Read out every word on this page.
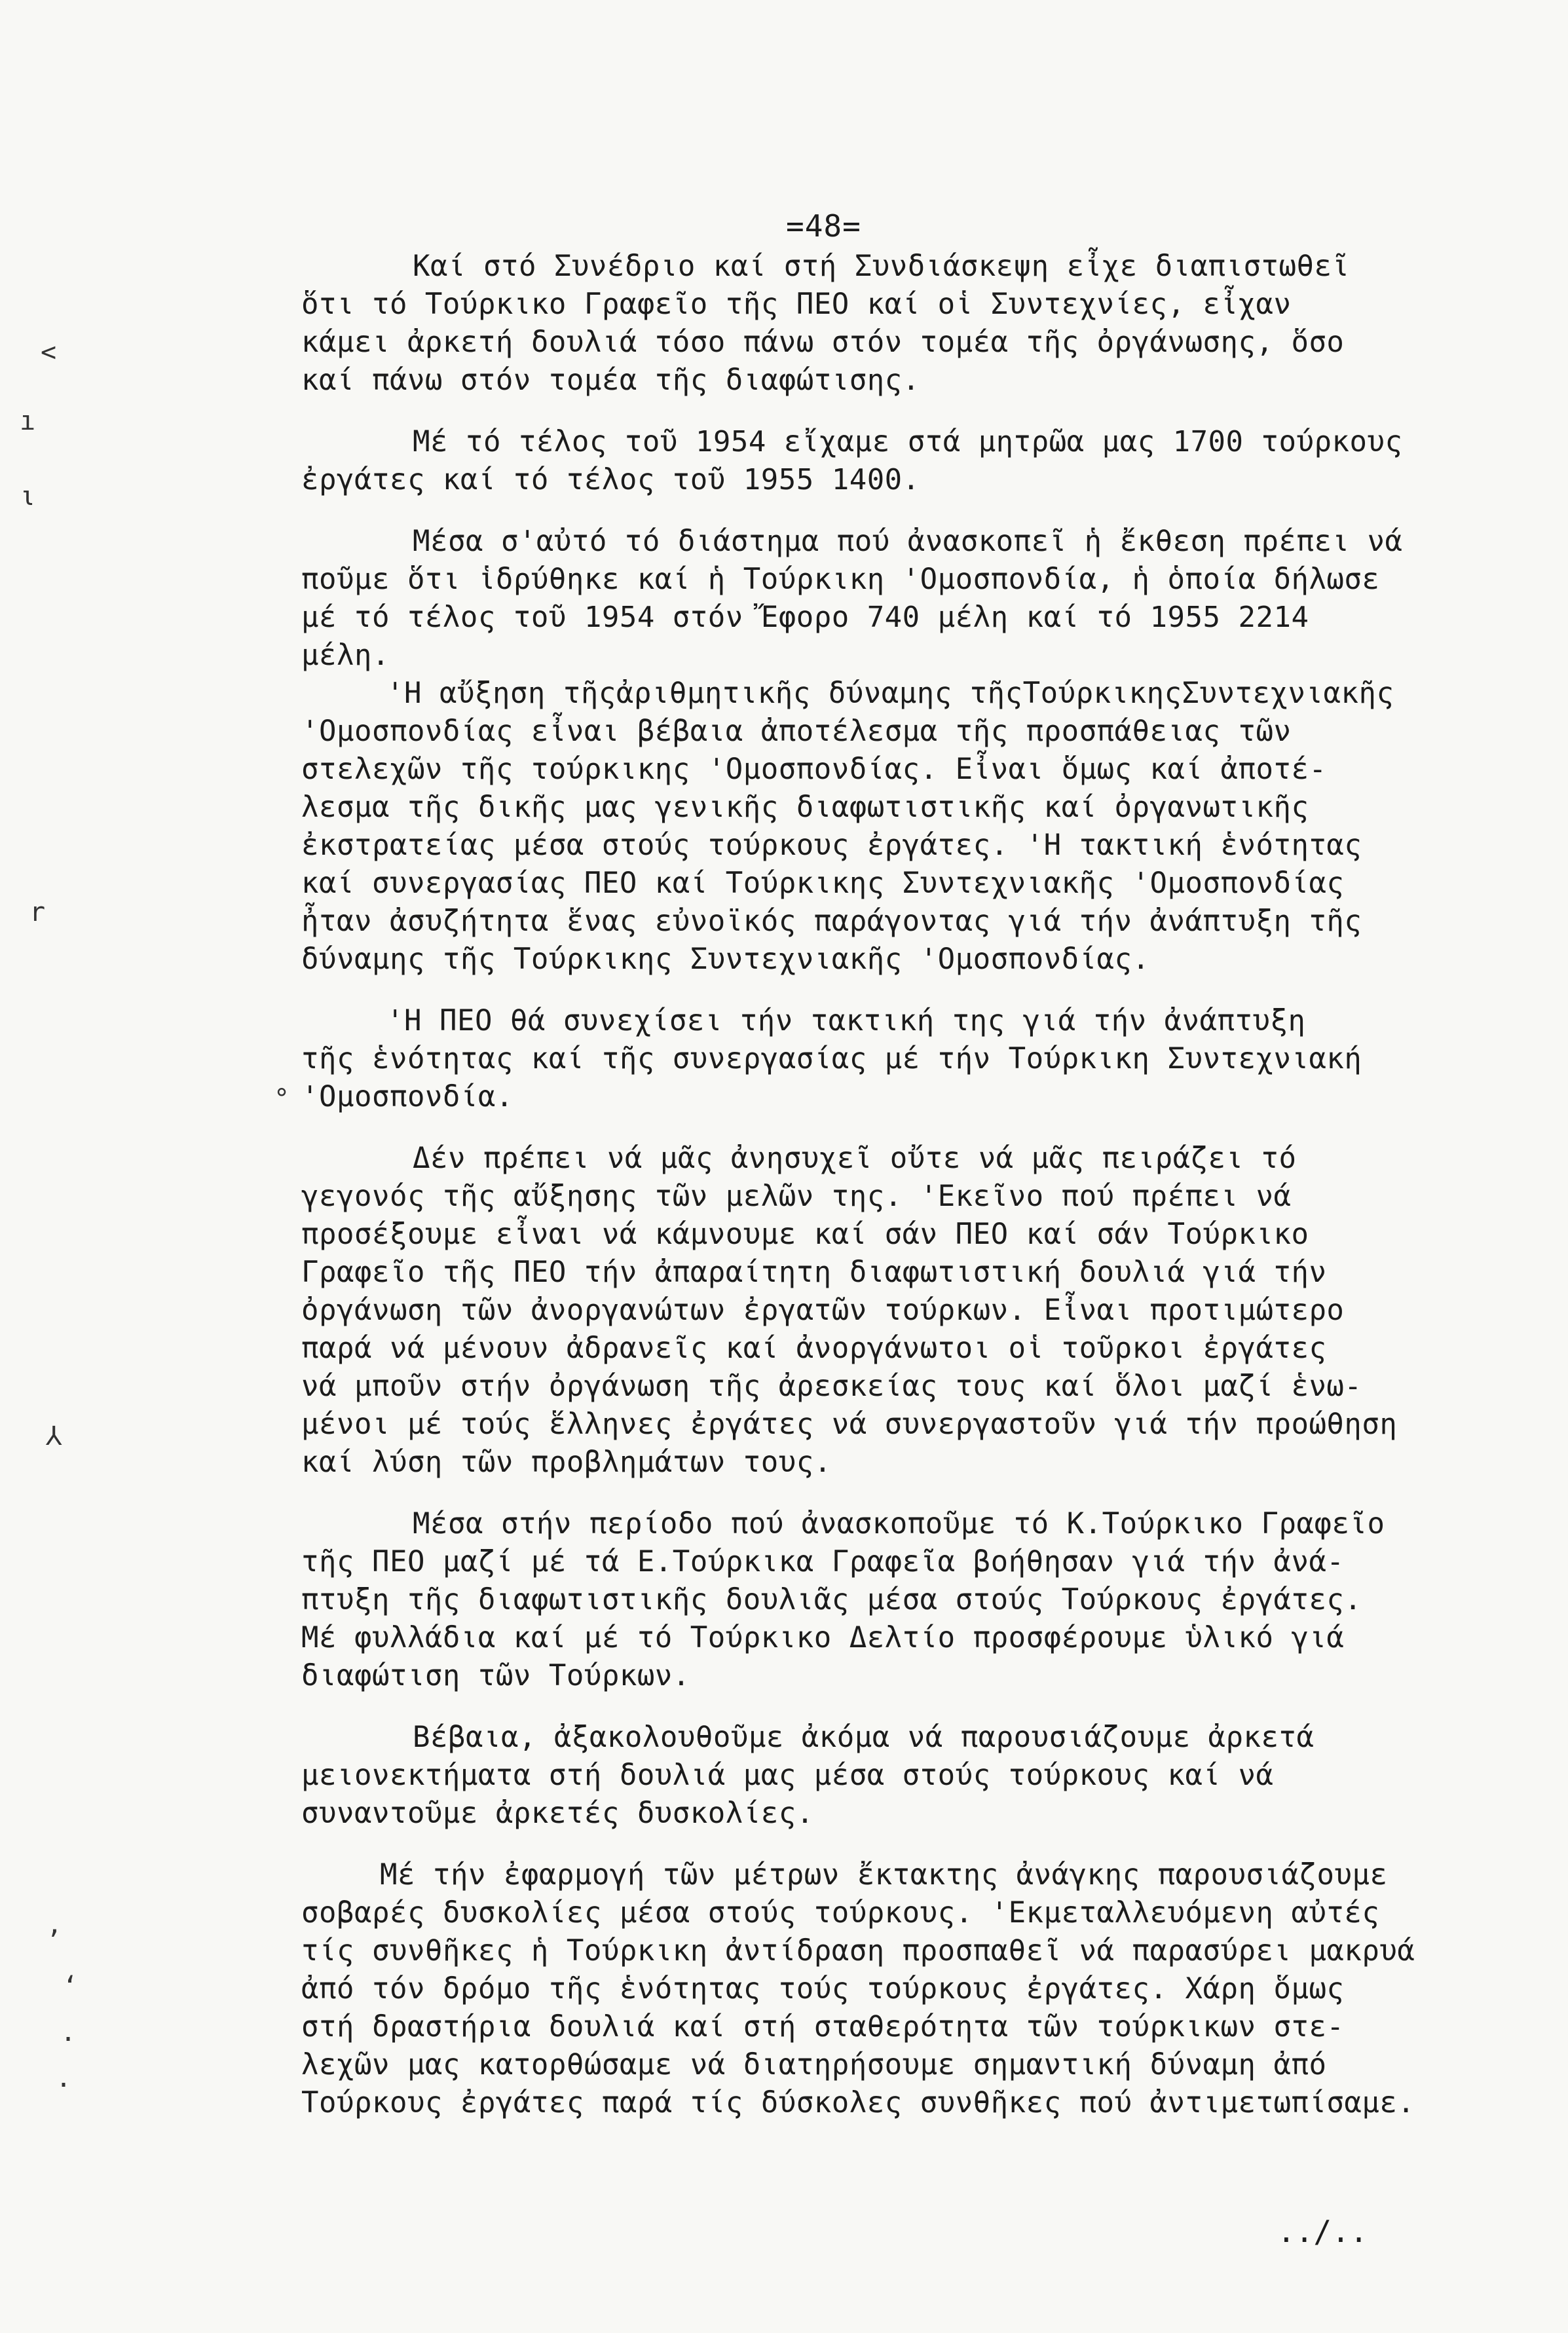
=48=
Καί στό Συνέδριο καί στή Συνδιάσκεψη εἶχε διαπιστωθεῖ
ὅτι τό Τούρκικο Γραφεῖο τῆς ΠΕΟ καί οἱ Συντεχνίες, εἶχαν
κάμει ἀρκετή δουλιά τόσο πάνω στόν τομέα τῆς ὀργάνωσης, ὅσο
καί πάνω στόν τομέα τῆς διαφώτισης.
Μέ τό τέλος τοῦ 1954 εἴχαμε στά μητρῶα μας 1700 τούρκους
ἐργάτες καί τό τέλος τοῦ 1955 1400.
Μέσα σ'αὐτό τό διάστημα πού ἀνασκοπεῖ ἡ ἔκθεση πρέπει νά
ποῦμε ὅτι ἱδρύθηκε καί ἡ Τούρκικη 'Ομοσπονδία, ἡ ὁποία δήλωσε
μέ τό τέλος τοῦ 1954 στόν Ἔφορο 740 μέλη καί τό 1955 2214
μέλη.
'Η αὔξηση τῆςἀριθμητικῆς δύναμης τῆςΤούρκικηςΣυντεχνιακῆς
'Ομοσπονδίας εἶναι βέβαια ἀποτέλεσμα τῆς προσπάθειας τῶν
στελεχῶν τῆς τούρκικης 'Ομοσπονδίας. Εἶναι ὅμως καί ἀποτέ-
λεσμα τῆς δικῆς μας γενικῆς διαφωτιστικῆς καί ὀργανωτικῆς
ἐκστρατείας μέσα στούς τούρκους ἐργάτες. 'Η τακτική ἑνότητας
καί συνεργασίας ΠΕΟ καί Τούρκικης Συντεχνιακῆς 'Ομοσπονδίας
ἦταν ἀσυζήτητα ἕνας εὐνοϊκός παράγοντας γιά τήν ἀνάπτυξη τῆς
δύναμης τῆς Τούρκικης Συντεχνιακῆς 'Ομοσπονδίας.
'Η ΠΕΟ θά συνεχίσει τήν τακτική της γιά τήν ἀνάπτυξη
τῆς ἑνότητας καί τῆς συνεργασίας μέ τήν Τούρκικη Συντεχνιακή
'Ομοσπονδία.
Δέν πρέπει νά μᾶς ἀνησυχεῖ οὔτε νά μᾶς πειράζει τό
γεγονός τῆς αὔξησης τῶν μελῶν της. 'Εκεῖνο πού πρέπει νά
προσέξουμε εἶναι νά κάμνουμε καί σάν ΠΕΟ καί σάν Τούρκικο
Γραφεῖο τῆς ΠΕΟ τήν ἀπαραίτητη διαφωτιστική δουλιά γιά τήν
ὀργάνωση τῶν ἀνοργανώτων ἐργατῶν τούρκων. Εἶναι προτιμώτερο
παρά νά μένουν ἀδρανεῖς καί ἀνοργάνωτοι οἱ τοῦρκοι ἐργάτες
νά μποῦν στήν ὀργάνωση τῆς ἀρεσκείας τους καί ὅλοι μαζί ἑνω-
μένοι μέ τούς ἕλληνες ἐργάτες νά συνεργαστοῦν γιά τήν προώθηση
καί λύση τῶν προβλημάτων τους.
Μέσα στήν περίοδο πού ἀνασκοποῦμε τό Κ.Τούρκικο Γραφεῖο
τῆς ΠΕΟ μαζί μέ τά Ε.Τούρκικα Γραφεῖα βοήθησαν γιά τήν ἀνά-
πτυξη τῆς διαφωτιστικῆς δουλιᾶς μέσα στούς Τούρκους ἐργάτες.
Μέ φυλλάδια καί μέ τό Τούρκικο Δελτίο προσφέρουμε ὑλικό γιά
διαφώτιση τῶν Τούρκων.
Βέβαια, ἀξακολουθοῦμε ἀκόμα νά παρουσιάζουμε ἀρκετά
μειονεκτήματα στή δουλιά μας μέσα στούς τούρκους καί νά
συναντοῦμε ἀρκετές δυσκολίες.
Μέ τήν ἐφαρμογή τῶν μέτρων ἔκτακτης ἀνάγκης παρουσιάζουμε
σοβαρές δυσκολίες μέσα στούς τούρκους. 'Εκμεταλλευόμενη αὐτές
τίς συνθῆκες ἡ Τούρκικη ἀντίδραση προσπαθεῖ νά παρασύρει μακρυά
ἀπό τόν δρόμο τῆς ἑνότητας τούς τούρκους ἐργάτες. Χάρη ὅμως
στή δραστήρια δουλιά καί στή σταθερότητα τῶν τούρκικων στε-
λεχῶν μας κατορθώσαμε νά διατηρήσουμε σημαντική δύναμη ἀπό
Τούρκους ἐργάτες παρά τίς δύσκολες συνθῆκες πού ἀντιμετωπίσαμε.
../..
<
ı
ι
r
⅄
°
ʼ
ʻ
.
.
